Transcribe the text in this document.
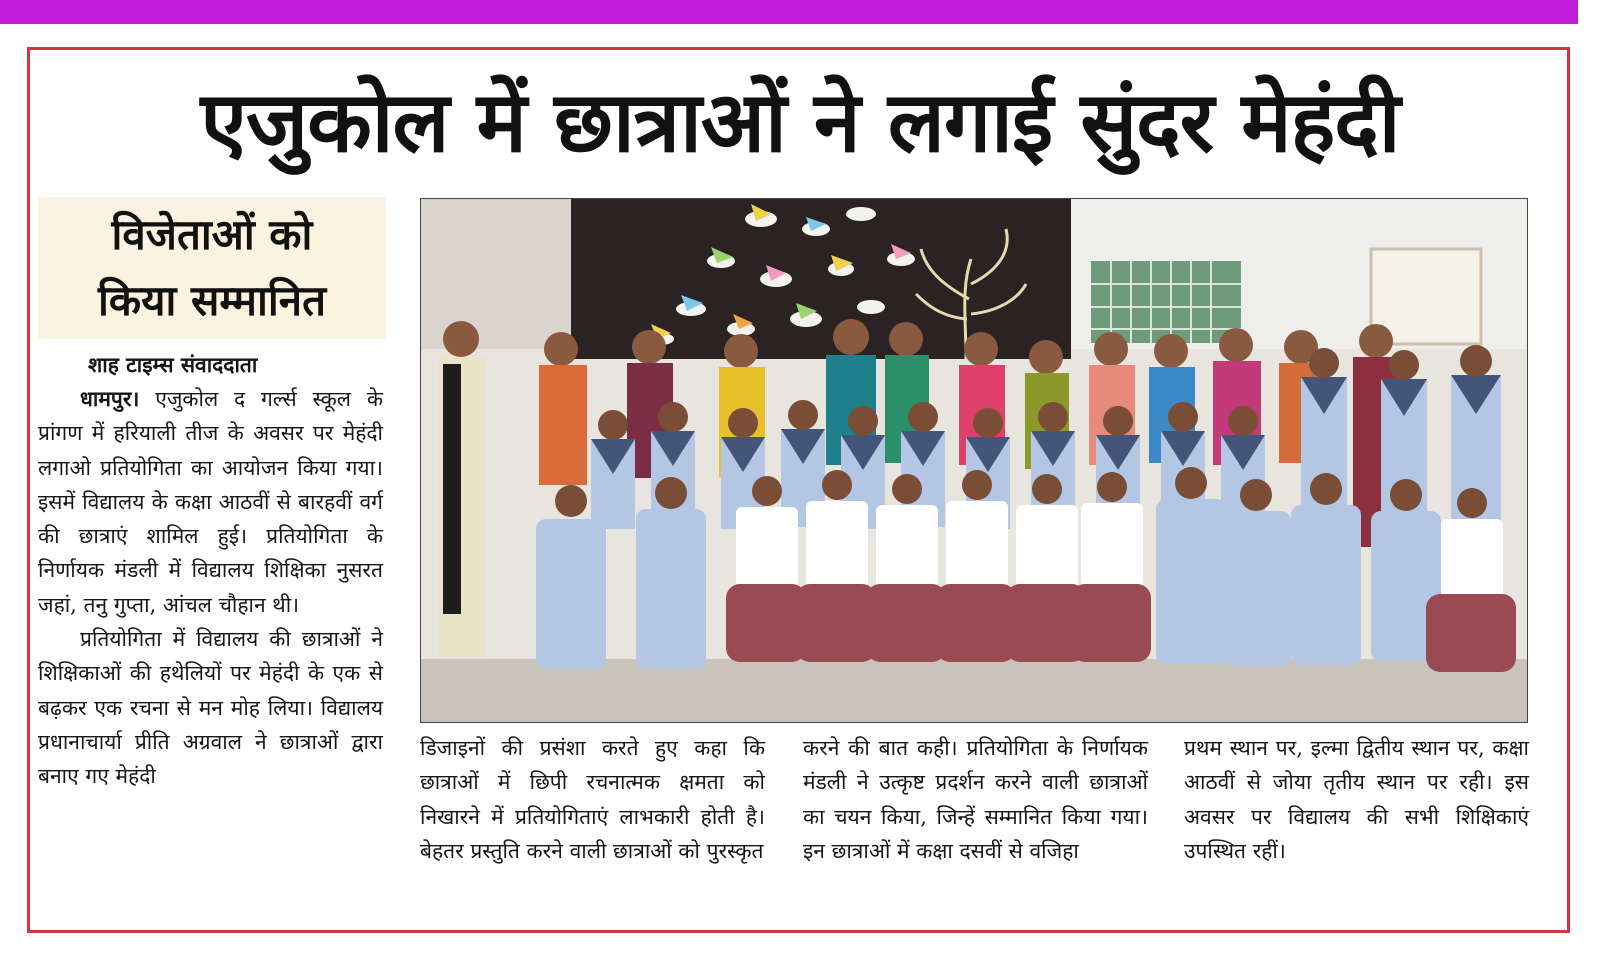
एजुकोल में छात्राओं ने लगाई सुंदर मेहंदी
विजेताओं को
किया सम्मानित
शाह टाइम्स संवाददाता

धामपुर। एजुकोल द गर्ल्स स्कूल के प्रांगण में हरियाली तीज के अवसर पर मेहंदी लगाओ प्रतियोगिता का आयोजन किया गया। इसमें विद्यालय के कक्षा आठवीं से बारहवीं वर्ग की छात्राएं शामिल हुई। प्रतियोगिता के निर्णायक मंडली में विद्यालय शिक्षिका नुसरत जहां, तनु गुप्ता, आंचल चौहान थी।

प्रतियोगिता में विद्यालय की छात्राओं ने शिक्षिकाओं की हथेलियों पर मेहंदी के एक से बढ़कर एक रचना से मन मोह लिया। विद्यालय प्रधानाचार्या प्रीति अग्रवाल ने छात्राओं द्वारा बनाए गए मेहंदी

डिजाइनों की प्रसंशा करते हुए कहा कि छात्राओं में छिपी रचनात्मक क्षमता को निखारने में प्रतियोगिताएं लाभकारी होती है। बेहतर प्रस्तुति करने वाली छात्राओं को पुरस्कृत

करने की बात कही। प्रतियोगिता के निर्णायक मंडली ने उत्कृष्ट प्रदर्शन करने वाली छात्राओं का चयन किया, जिन्हें सम्मानित किया गया। इन छात्राओं में कक्षा दसवीं से वजिहा

प्रथम स्थान पर, इल्मा द्वितीय स्थान पर, कक्षा आठवीं से जोया तृतीय स्थान पर रही। इस अवसर पर विद्यालय की सभी शिक्षिकाएं उपस्थित रहीं।
